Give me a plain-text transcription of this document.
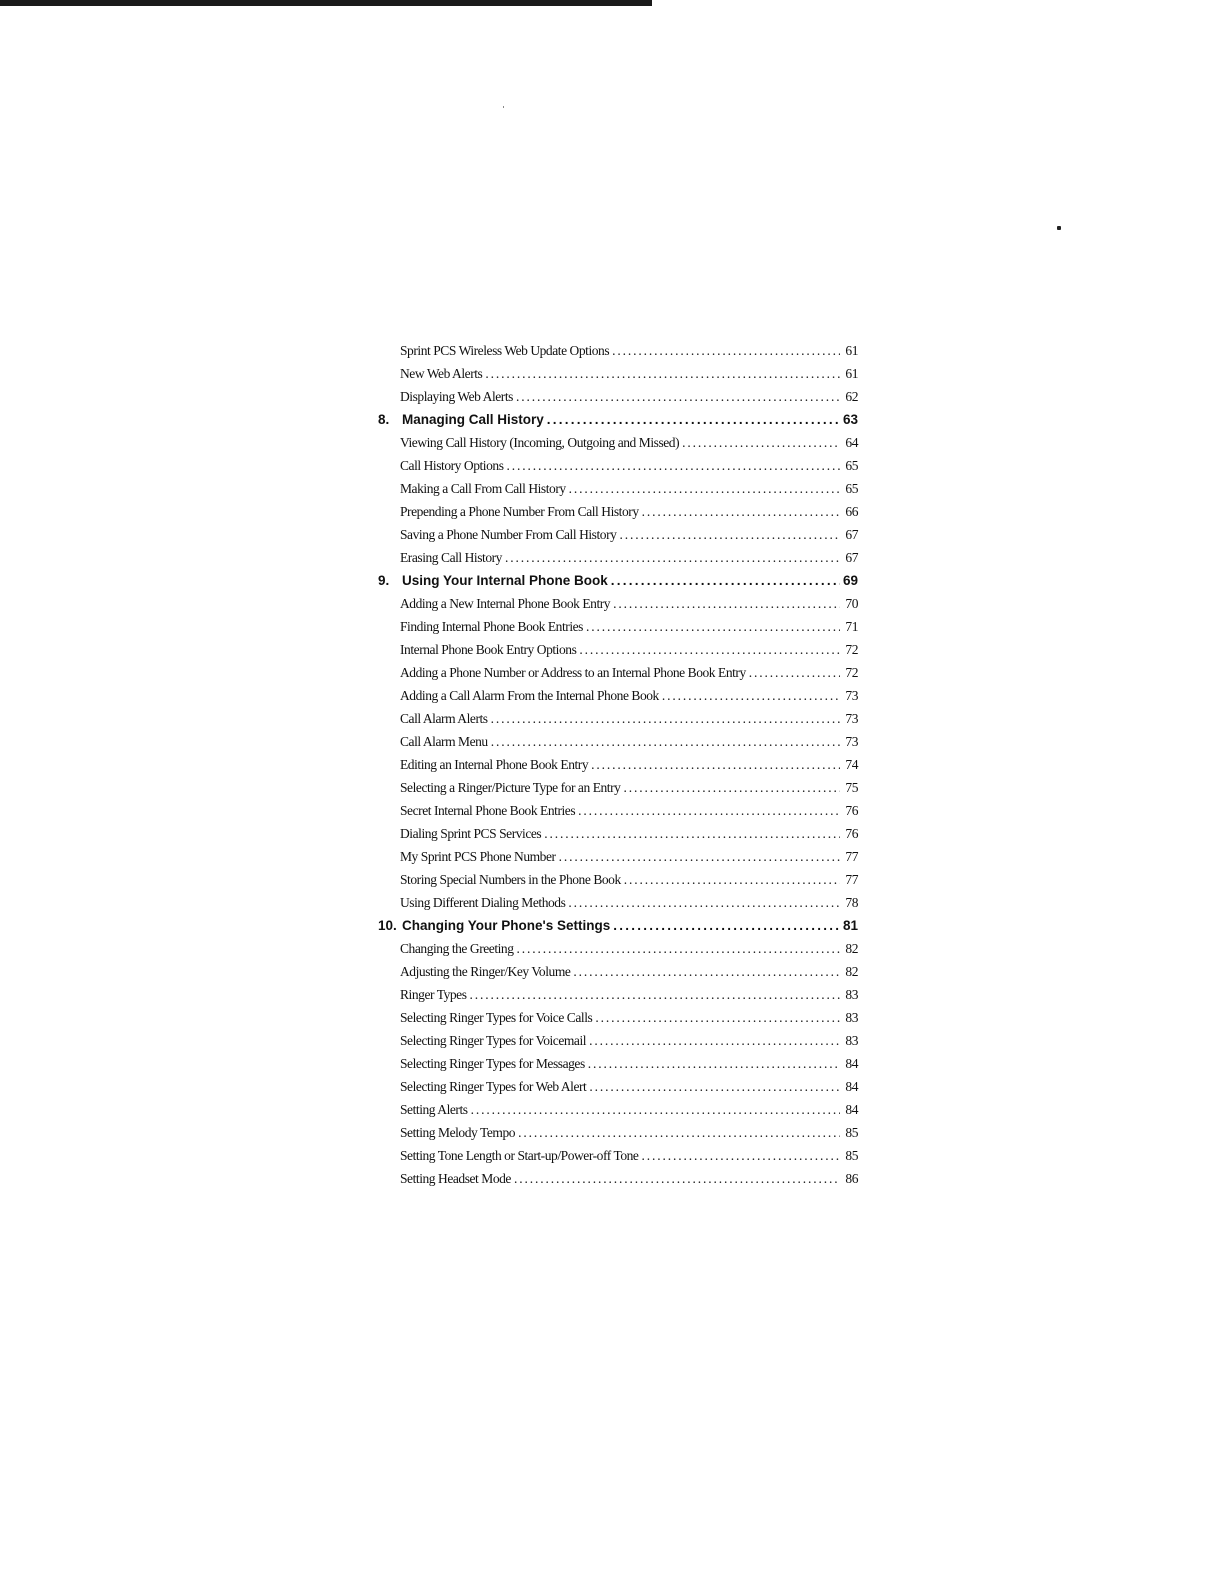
Sprint PCS Wireless Web Update Options . . .	61
New Web Alerts . . .	61
Displaying Web Alerts . . .	62
8. Managing Call History . . .	63
Viewing Call History (Incoming, Outgoing and Missed) . . .	64
Call History Options . . .	65
Making a Call From Call History . . .	65
Prepending a Phone Number From Call History . . .	66
Saving a Phone Number From Call History . . .	67
Erasing Call History . . .	67
9. Using Your Internal Phone Book . . .	69
Adding a New Internal Phone Book Entry . . .	70
Finding Internal Phone Book Entries . . .	71
Internal Phone Book Entry Options . . .	72
Adding a Phone Number or Address to an Internal Phone Book Entry . . .	72
Adding a Call Alarm From the Internal Phone Book . . .	73
Call Alarm Alerts . . .	73
Call Alarm Menu . . .	73
Editing an Internal Phone Book Entry . . .	74
Selecting a Ringer/Picture Type for an Entry . . .	75
Secret Internal Phone Book Entries . . .	76
Dialing Sprint PCS Services . . .	76
My Sprint PCS Phone Number . . .	77
Storing Special Numbers in the Phone Book . . .	77
Using Different Dialing Methods . . .	78
10. Changing Your Phone's Settings . . .	81
Changing the Greeting . . .	82
Adjusting the Ringer/Key Volume . . .	82
Ringer Types . . .	83
Selecting Ringer Types for Voice Calls . . .	83
Selecting Ringer Types for Voicemail . . .	83
Selecting Ringer Types for Messages . . .	84
Selecting Ringer Types for Web Alert . . .	84
Setting Alerts . . .	84
Setting Melody Tempo . . .	85
Setting Tone Length or Start-up/Power-off Tone . . .	85
Setting Headset Mode . . .	86
